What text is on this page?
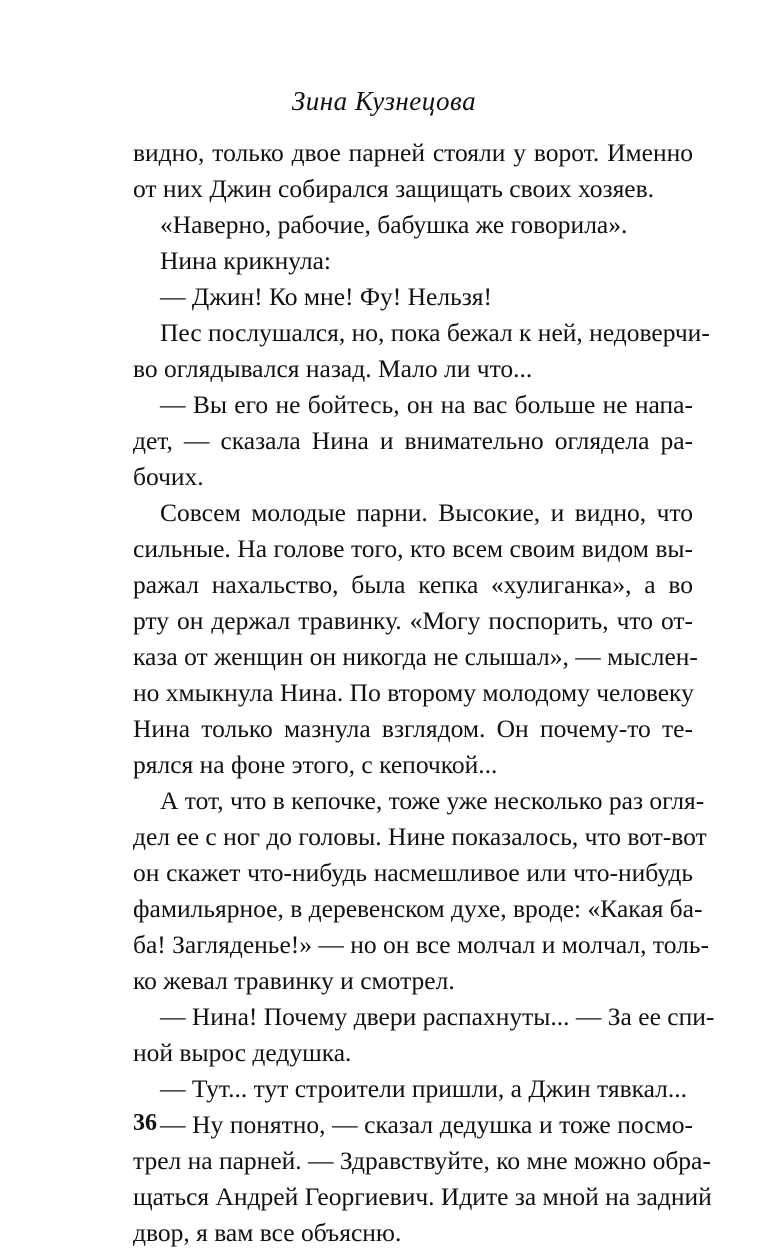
Зина Кузнецова
видно, только двое парней стояли у ворот. Именно
от них Джин собирался защищать своих хозяев.
«Наверно, рабочие, бабушка же говорила».
Нина крикнула:
— Джин! Ко мне! Фу! Нельзя!
Пес послушался, но, пока бежал к ней, недоверчи-
во оглядывался назад. Мало ли что...
— Вы его не бойтесь, он на вас больше не напа-
дет, — сказала Нина и внимательно оглядела ра-
бочих.
Совсем молодые парни. Высокие, и видно, что
сильные. На голове того, кто всем своим видом вы-
ражал нахальство, была кепка «хулиганка», а во
рту он держал травинку. «Могу поспорить, что от-
каза от женщин он никогда не слышал», — мыслен-
но хмыкнула Нина. По второму молодому человеку
Нина только мазнула взглядом. Он почему-то те-
рялся на фоне этого, с кепочкой...
А тот, что в кепочке, тоже уже несколько раз огля-
дел ее с ног до головы. Нине показалось, что вот-вот
он скажет что-нибудь насмешливое или что-нибудь
фамильярное, в деревенском духе, вроде: «Какая ба-
ба! Загляденье!» — но он все молчал и молчал, толь-
ко жевал травинку и смотрел.
— Нина! Почему двери распахнуты... — За ее спи-
ной вырос дедушка.
— Тут... тут строители пришли, а Джин тявкал...
— Ну понятно, — сказал дедушка и тоже посмо-
трел на парней. — Здравствуйте, ко мне можно обра-
щаться Андрей Георгиевич. Идите за мной на задний
двор, я вам все объясню.
36
